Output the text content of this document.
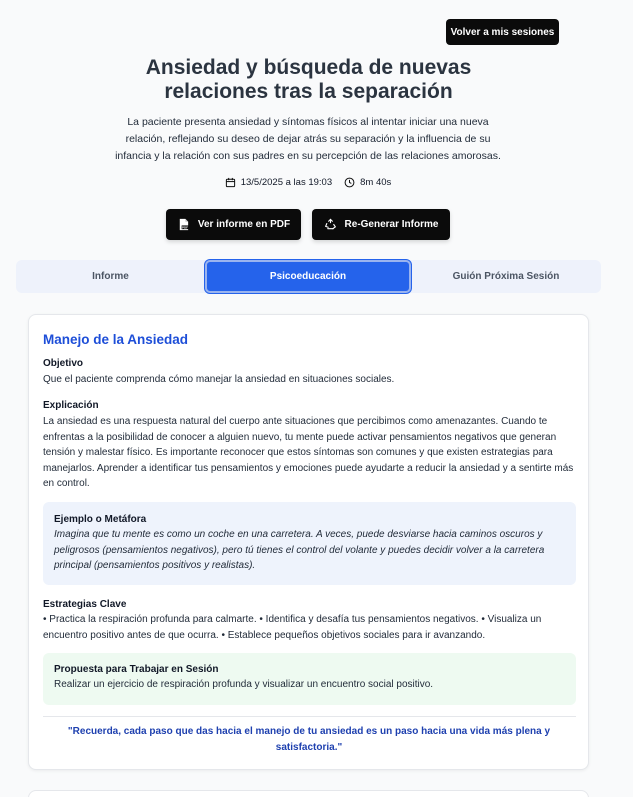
Volver a mis sesiones
Ansiedad y búsqueda de nuevas relaciones tras la separación

La paciente presenta ansiedad y síntomas físicos al intentar iniciar una nueva relación, reflejando su deseo de dejar atrás su separación y la influencia de su infancia y la relación con sus padres en su percepción de las relaciones amorosas.

13/5/2025 a las 19:03	8m 40s
PDF Ver informe en PDF	Re-Generar Informe
Informe	Psicoeducación	Guión Próxima Sesión
Manejo de la Ansiedad
Objetivo
Que el paciente comprenda cómo manejar la ansiedad en situaciones sociales.
Explicación
La ansiedad es una respuesta natural del cuerpo ante situaciones que percibimos como amenazantes. Cuando te enfrentas a la posibilidad de conocer a alguien nuevo, tu mente puede activar pensamientos negativos que generan tensión y malestar físico. Es importante reconocer que estos síntomas son comunes y que existen estrategias para manejarlos. Aprender a identificar tus pensamientos y emociones puede ayudarte a reducir la ansiedad y a sentirte más en control.
Ejemplo o Metáfora
Imagina que tu mente es como un coche en una carretera. A veces, puede desviarse hacia caminos oscuros y peligrosos (pensamientos negativos), pero tú tienes el control del volante y puedes decidir volver a la carretera principal (pensamientos positivos y realistas).
Estrategias Clave
• Practica la respiración profunda para calmarte. • Identifica y desafía tus pensamientos negativos. • Visualiza un encuentro positivo antes de que ocurra. • Establece pequeños objetivos sociales para ir avanzando.
Propuesta para Trabajar en Sesión
Realizar un ejercicio de respiración profunda y visualizar un encuentro social positivo.

"Recuerda, cada paso que das hacia el manejo de tu ansiedad es un paso hacia una vida más plena y satisfactoria."
